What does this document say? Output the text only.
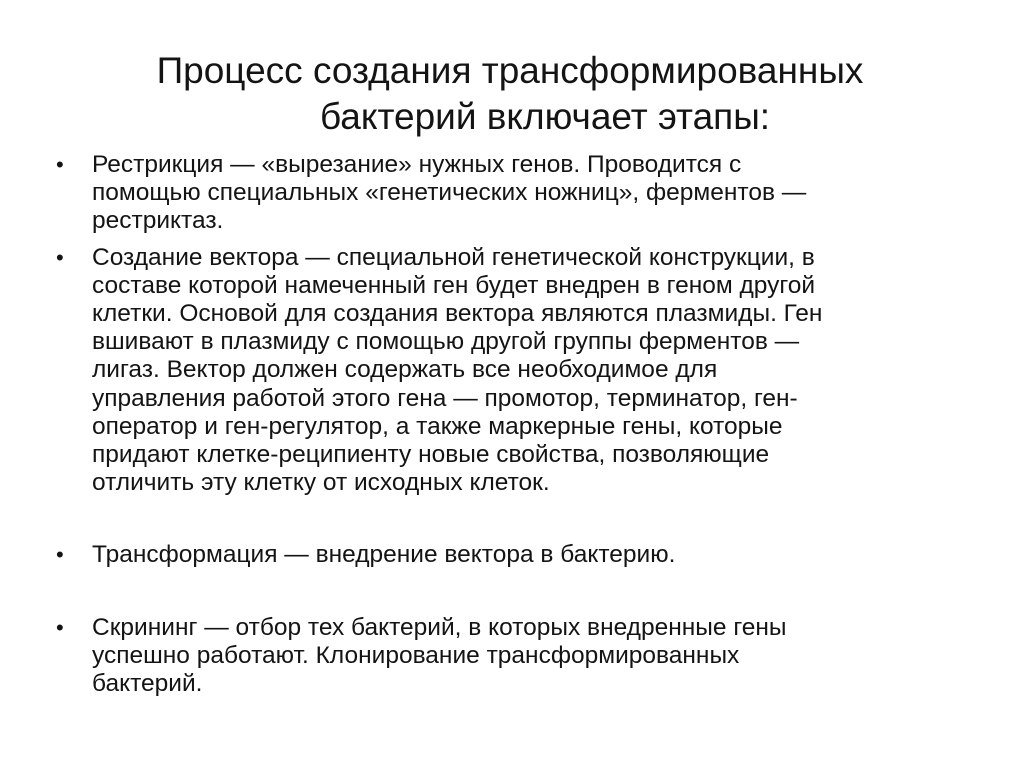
Процесс создания трансформированных
бактерий включает этапы:
•	Рестрикция — «вырезание» нужных генов. Проводится с
помощью специальных «генетических ножниц», ферментов —
рестриктаз.
•	Создание вектора — специальной генетической конструкции, в
составе которой намеченный ген будет внедрен в геном другой
клетки. Основой для создания вектора являются плазмиды. Ген
вшивают в плазмиду с помощью другой группы ферментов —
лигаз. Вектор должен содержать все необходимое для
управления работой этого гена — промотор, терминатор, ген-
оператор и ген-регулятор, а также маркерные гены, которые
придают клетке-реципиенту новые свойства, позволяющие
отличить эту клетку от исходных клеток.
•	Трансформация — внедрение вектора в бактерию.
•	Скрининг — отбор тех бактерий, в которых внедренные гены
успешно работают. Клонирование трансформированных
бактерий.
